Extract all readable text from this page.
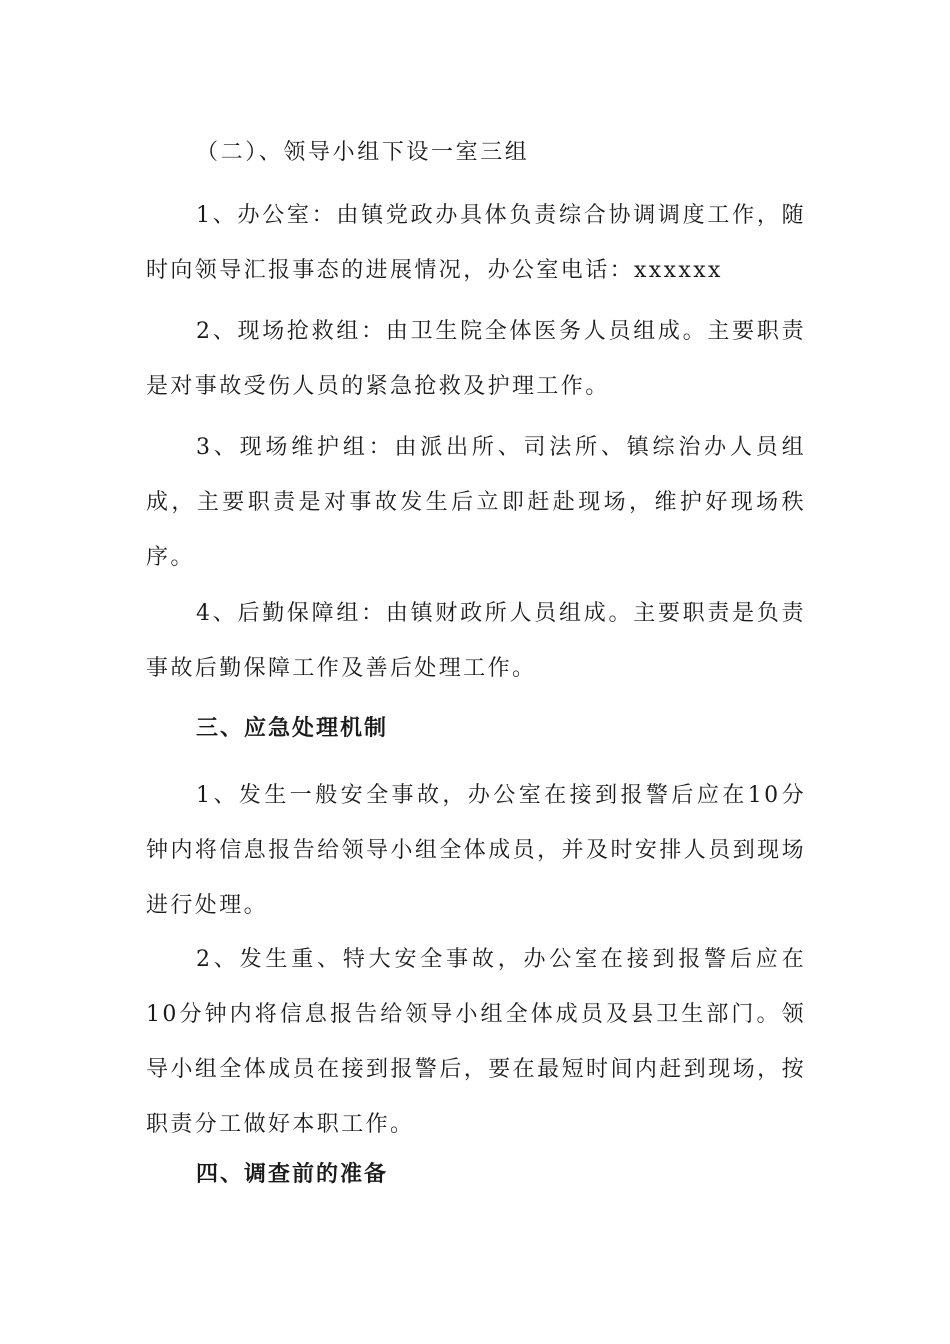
（二）、领导小组下设一室三组

1、办公室：由镇党政办具体负责综合协调调度工作，随时向领导汇报事态的进展情况，办公室电话：xxxxxx

2、现场抢救组：由卫生院全体医务人员组成。主要职责是对事故受伤人员的紧急抢救及护理工作。

3、现场维护组：由派出所、司法所、镇综治办人员组成，主要职责是对事故发生后立即赶赴现场，维护好现场秩序。

4、后勤保障组：由镇财政所人员组成。主要职责是负责事故后勤保障工作及善后处理工作。

三、应急处理机制

1、发生一般安全事故，办公室在接到报警后应在10分钟内将信息报告给领导小组全体成员，并及时安排人员到现场进行处理。

2、发生重、特大安全事故，办公室在接到报警后应在10分钟内将信息报告给领导小组全体成员及县卫生部门。领导小组全体成员在接到报警后，要在最短时间内赶到现场，按职责分工做好本职工作。

四、调查前的准备
